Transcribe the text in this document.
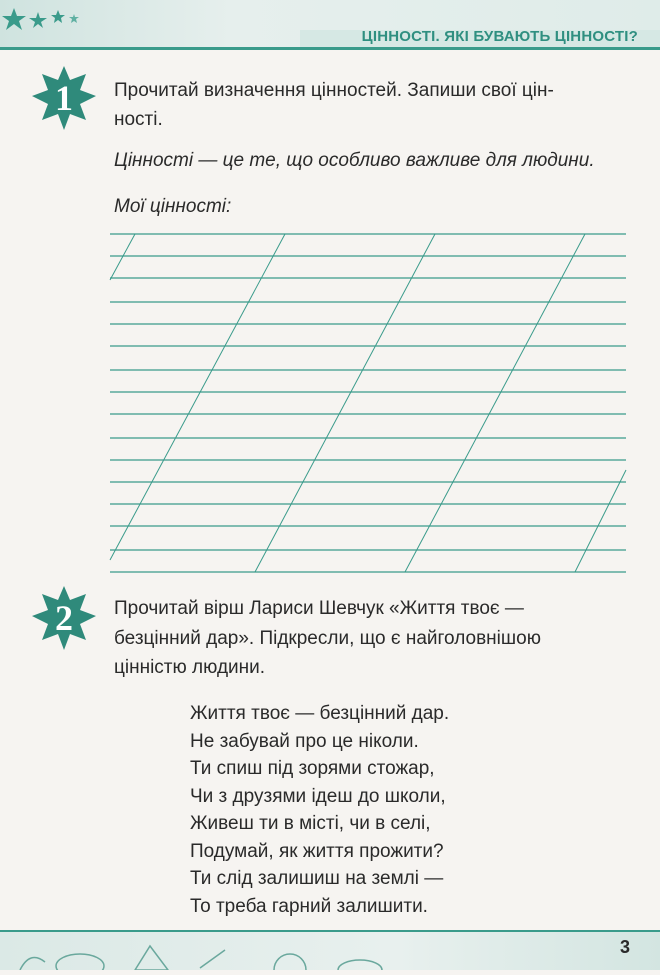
ЦІННОСТІ. ЯКІ БУВАЮТЬ ЦІННОСТІ?
1	Прочитай визначення цінностей. Запиши свої цін-
ності.
Цінності — це те, що особливо важливе для людини.
Мої цінності:
2	Прочитай вірш Лариси Шевчук «Життя твоє —
безцінний дар». Підкресли, що є найголовнішою
цінністю людини.
Життя твоє — безцінний дар.
Не забувай про це ніколи.
Ти спиш під зорями стожар,
Чи з друзями ідеш до школи,
Живеш ти в місті, чи в селі,
Подумай, як життя прожити?
Ти слід залишиш на землі —
То треба гарний залишити.
3
